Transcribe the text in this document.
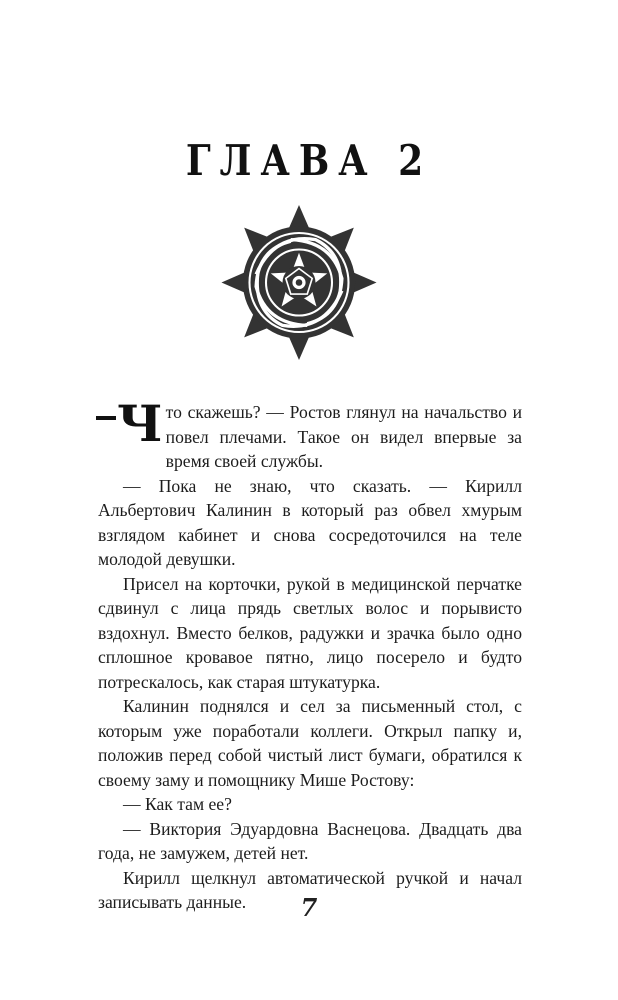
ГЛАВА 2

Ч то скажешь? — Ростов глянул на начальство и повел плечами. Такое он видел впервые за время своей службы.

— Пока не знаю, что сказать. — Кирилл Альбертович Калинин в который раз обвел хмурым взглядом кабинет и снова сосредоточился на теле молодой девушки.

Присел на корточки, рукой в медицинской перчатке сдвинул с лица прядь светлых волос и порывисто вздохнул. Вместо белков, радужки и зрачка было одно сплошное кровавое пятно, лицо посерело и будто потрескалось, как старая штукатурка.

Калинин поднялся и сел за письменный стол, с которым уже поработали коллеги. Открыл папку и, положив перед собой чистый лист бумаги, обратился к своему заму и помощнику Мише Ростову:

— Как там ее?

— Виктория Эдуардовна Васнецова. Двадцать два года, не замужем, детей нет.

Кирилл щелкнул автоматической ручкой и начал записывать данные.	7
